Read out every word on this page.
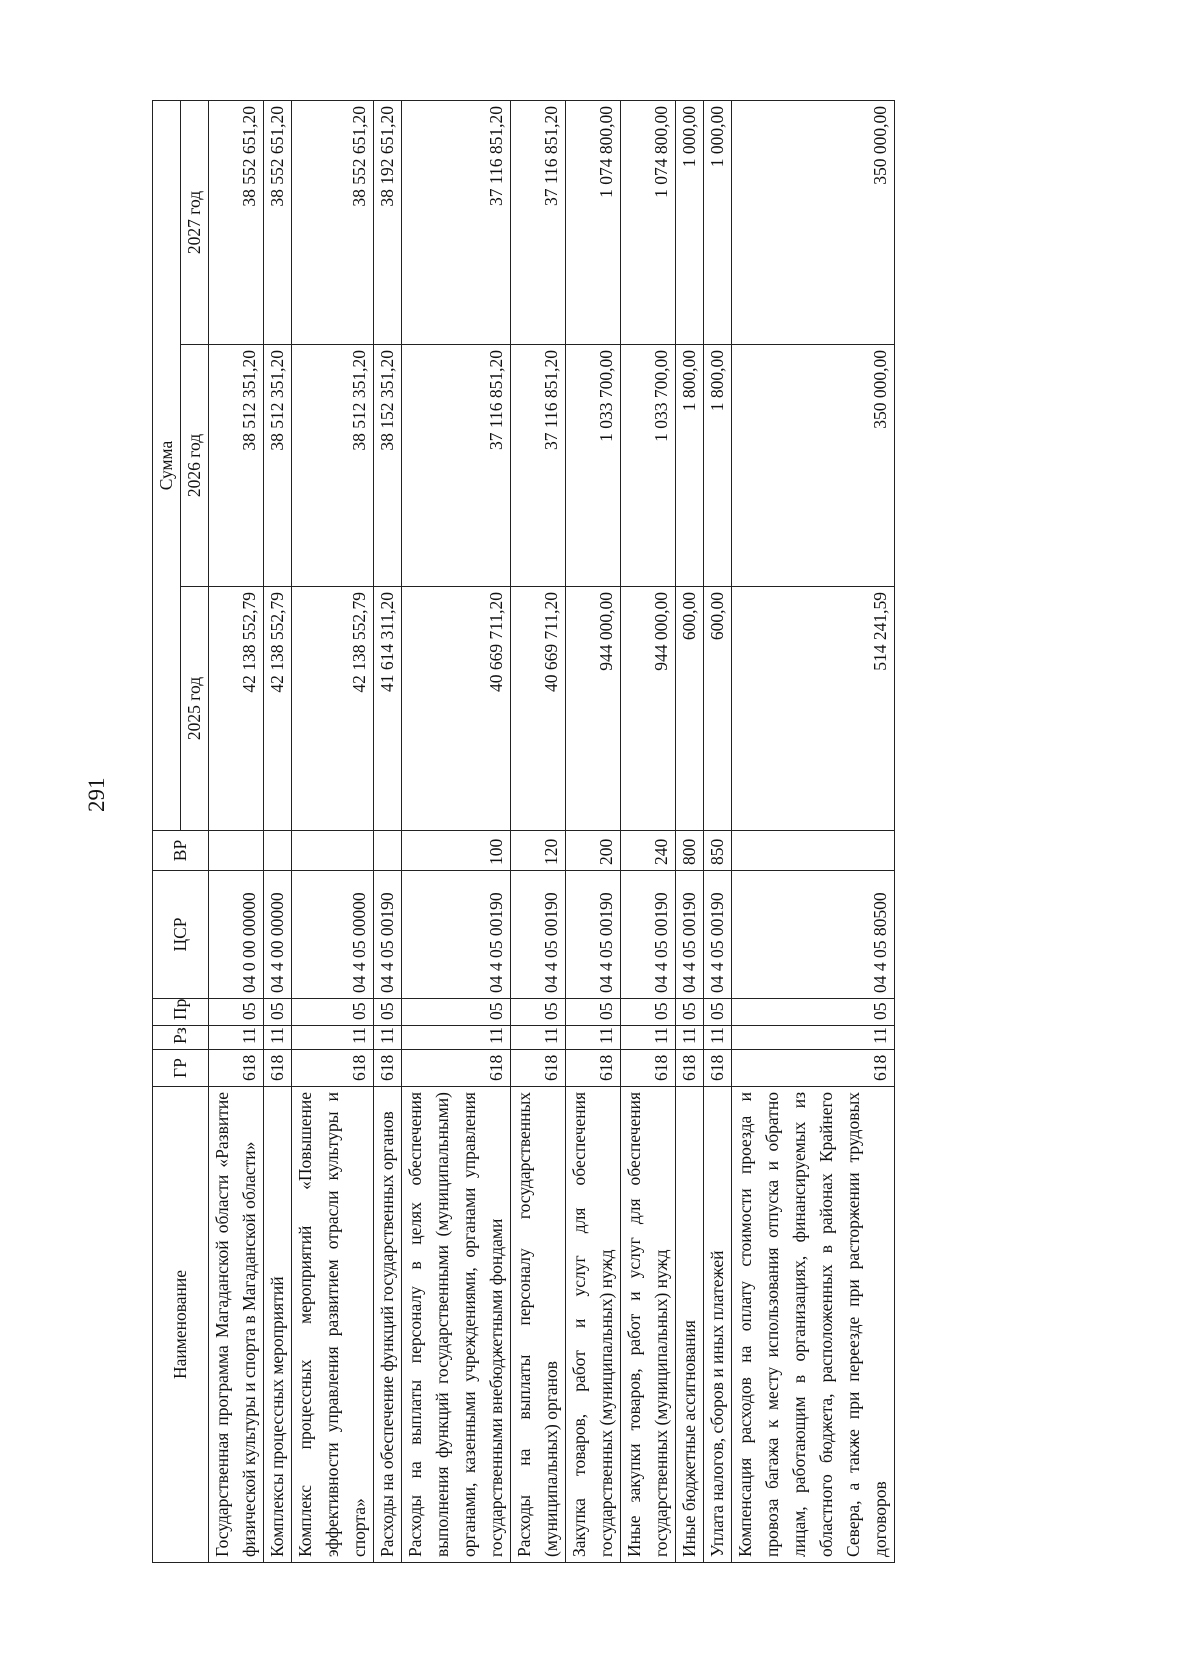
291
Наименование	ГР	Рз	Пр	ЦСР	ВР	Сумма		
						2025 год	2026 год	2027 год
Государственная программа Магаданской области «Развитие физической культуры и спорта в Магаданской области»	618	11	05	04 0 00 00000		42 138 552,79	38 512 351,20	38 552 651,20
Комплексы процессных мероприятий	618	11	05	04 4 00 00000		42 138 552,79	38 512 351,20	38 552 651,20
Комплекс процессных мероприятий «Повышение эффективности управления развитием отрасли культуры и спорта»	618	11	05	04 4 05 00000		42 138 552,79	38 512 351,20	38 552 651,20
Расходы на обеспечение функций государственных органов	618	11	05	04 4 05 00190		41 614 311,20	38 152 351,20	38 192 651,20
Расходы на выплаты персоналу в целях обеспечения выполнения функций государственными (муниципальными) органами, казенными учреждениями, органами управления государственными внебюджетными фондами	618	11	05	04 4 05 00190	100	40 669 711,20	37 116 851,20	37 116 851,20
Расходы на выплаты персоналу государственных (муниципальных) органов	618	11	05	04 4 05 00190	120	40 669 711,20	37 116 851,20	37 116 851,20
Закупка товаров, работ и услуг для обеспечения государственных (муниципальных) нужд	618	11	05	04 4 05 00190	200	944 000,00	1 033 700,00	1 074 800,00
Иные закупки товаров, работ и услуг для обеспечения государственных (муниципальных) нужд	618	11	05	04 4 05 00190	240	944 000,00	1 033 700,00	1 074 800,00
Иные бюджетные ассигнования	618	11	05	04 4 05 00190	800	600,00	1 800,00	1 000,00
Уплата налогов, сборов и иных платежей	618	11	05	04 4 05 00190	850	600,00	1 800,00	1 000,00
Компенсация расходов на оплату стоимости проезда и провоза багажа к месту использования отпуска и обратно лицам, работающим в организациях, финансируемых из областного бюджета, расположенных в районах Крайнего Севера, а также при переезде при расторжении трудовых договоров	618	11	05	04 4 05 80500		514 241,59	350 000,00	350 000,00
